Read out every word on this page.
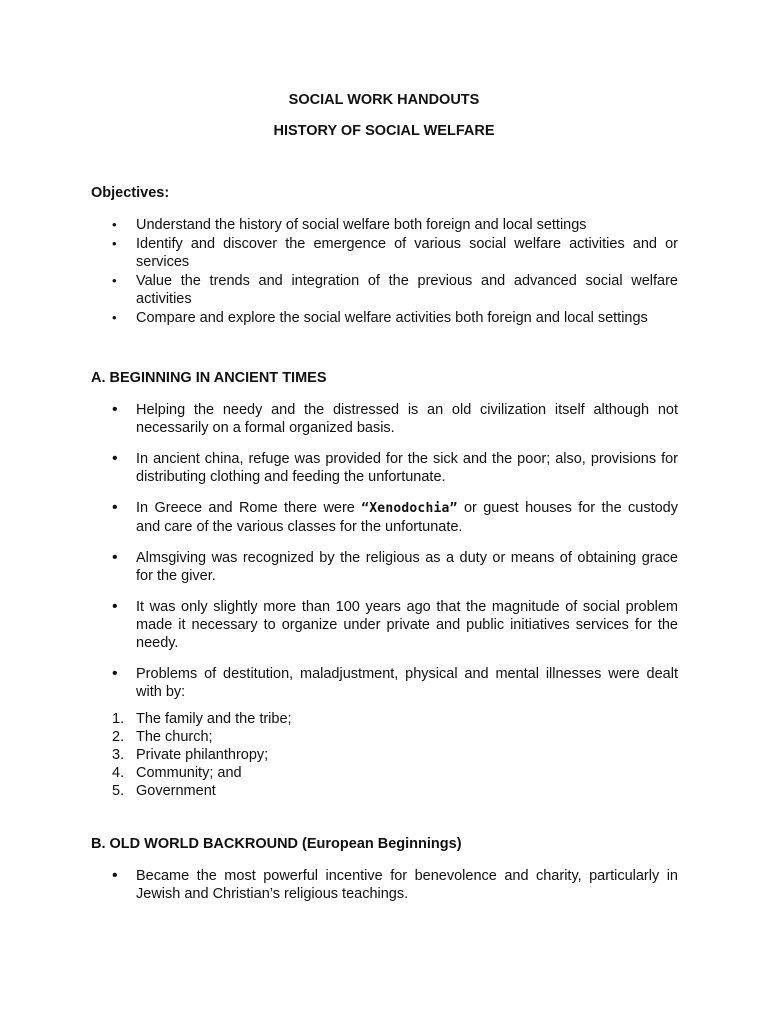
SOCIAL WORK HANDOUTS
HISTORY OF SOCIAL WELFARE
Objectives:
•	Understand the history of social welfare both foreign and local settings
•	Identify and discover the emergence of various social welfare activities and or services
•	Value the trends and integration of the previous and advanced social welfare activities
•	Compare and explore the social welfare activities both foreign and local settings
A. BEGINNING IN ANCIENT TIMES
•	Helping the needy and the distressed is an old civilization itself although not necessarily on a formal organized basis.
•	In ancient china, refuge was provided for the sick and the poor; also, provisions for distributing clothing and feeding the unfortunate.
•	In Greece and Rome there were “Xenodochia” or guest houses for the custody and care of the various classes for the unfortunate.
•	Almsgiving was recognized by the religious as a duty or means of obtaining grace for the giver.
•	It was only slightly more than 100 years ago that the magnitude of social problem made it necessary to organize under private and public initiatives services for the needy.
•	Problems of destitution, maladjustment, physical and mental illnesses were dealt with by:
1. The family and the tribe;
2. The church;
3. Private philanthropy;
4. Community; and
5. Government
B. OLD WORLD BACKROUND (European Beginnings)
•	Became the most powerful incentive for benevolence and charity, particularly in Jewish and Christian’s religious teachings.
